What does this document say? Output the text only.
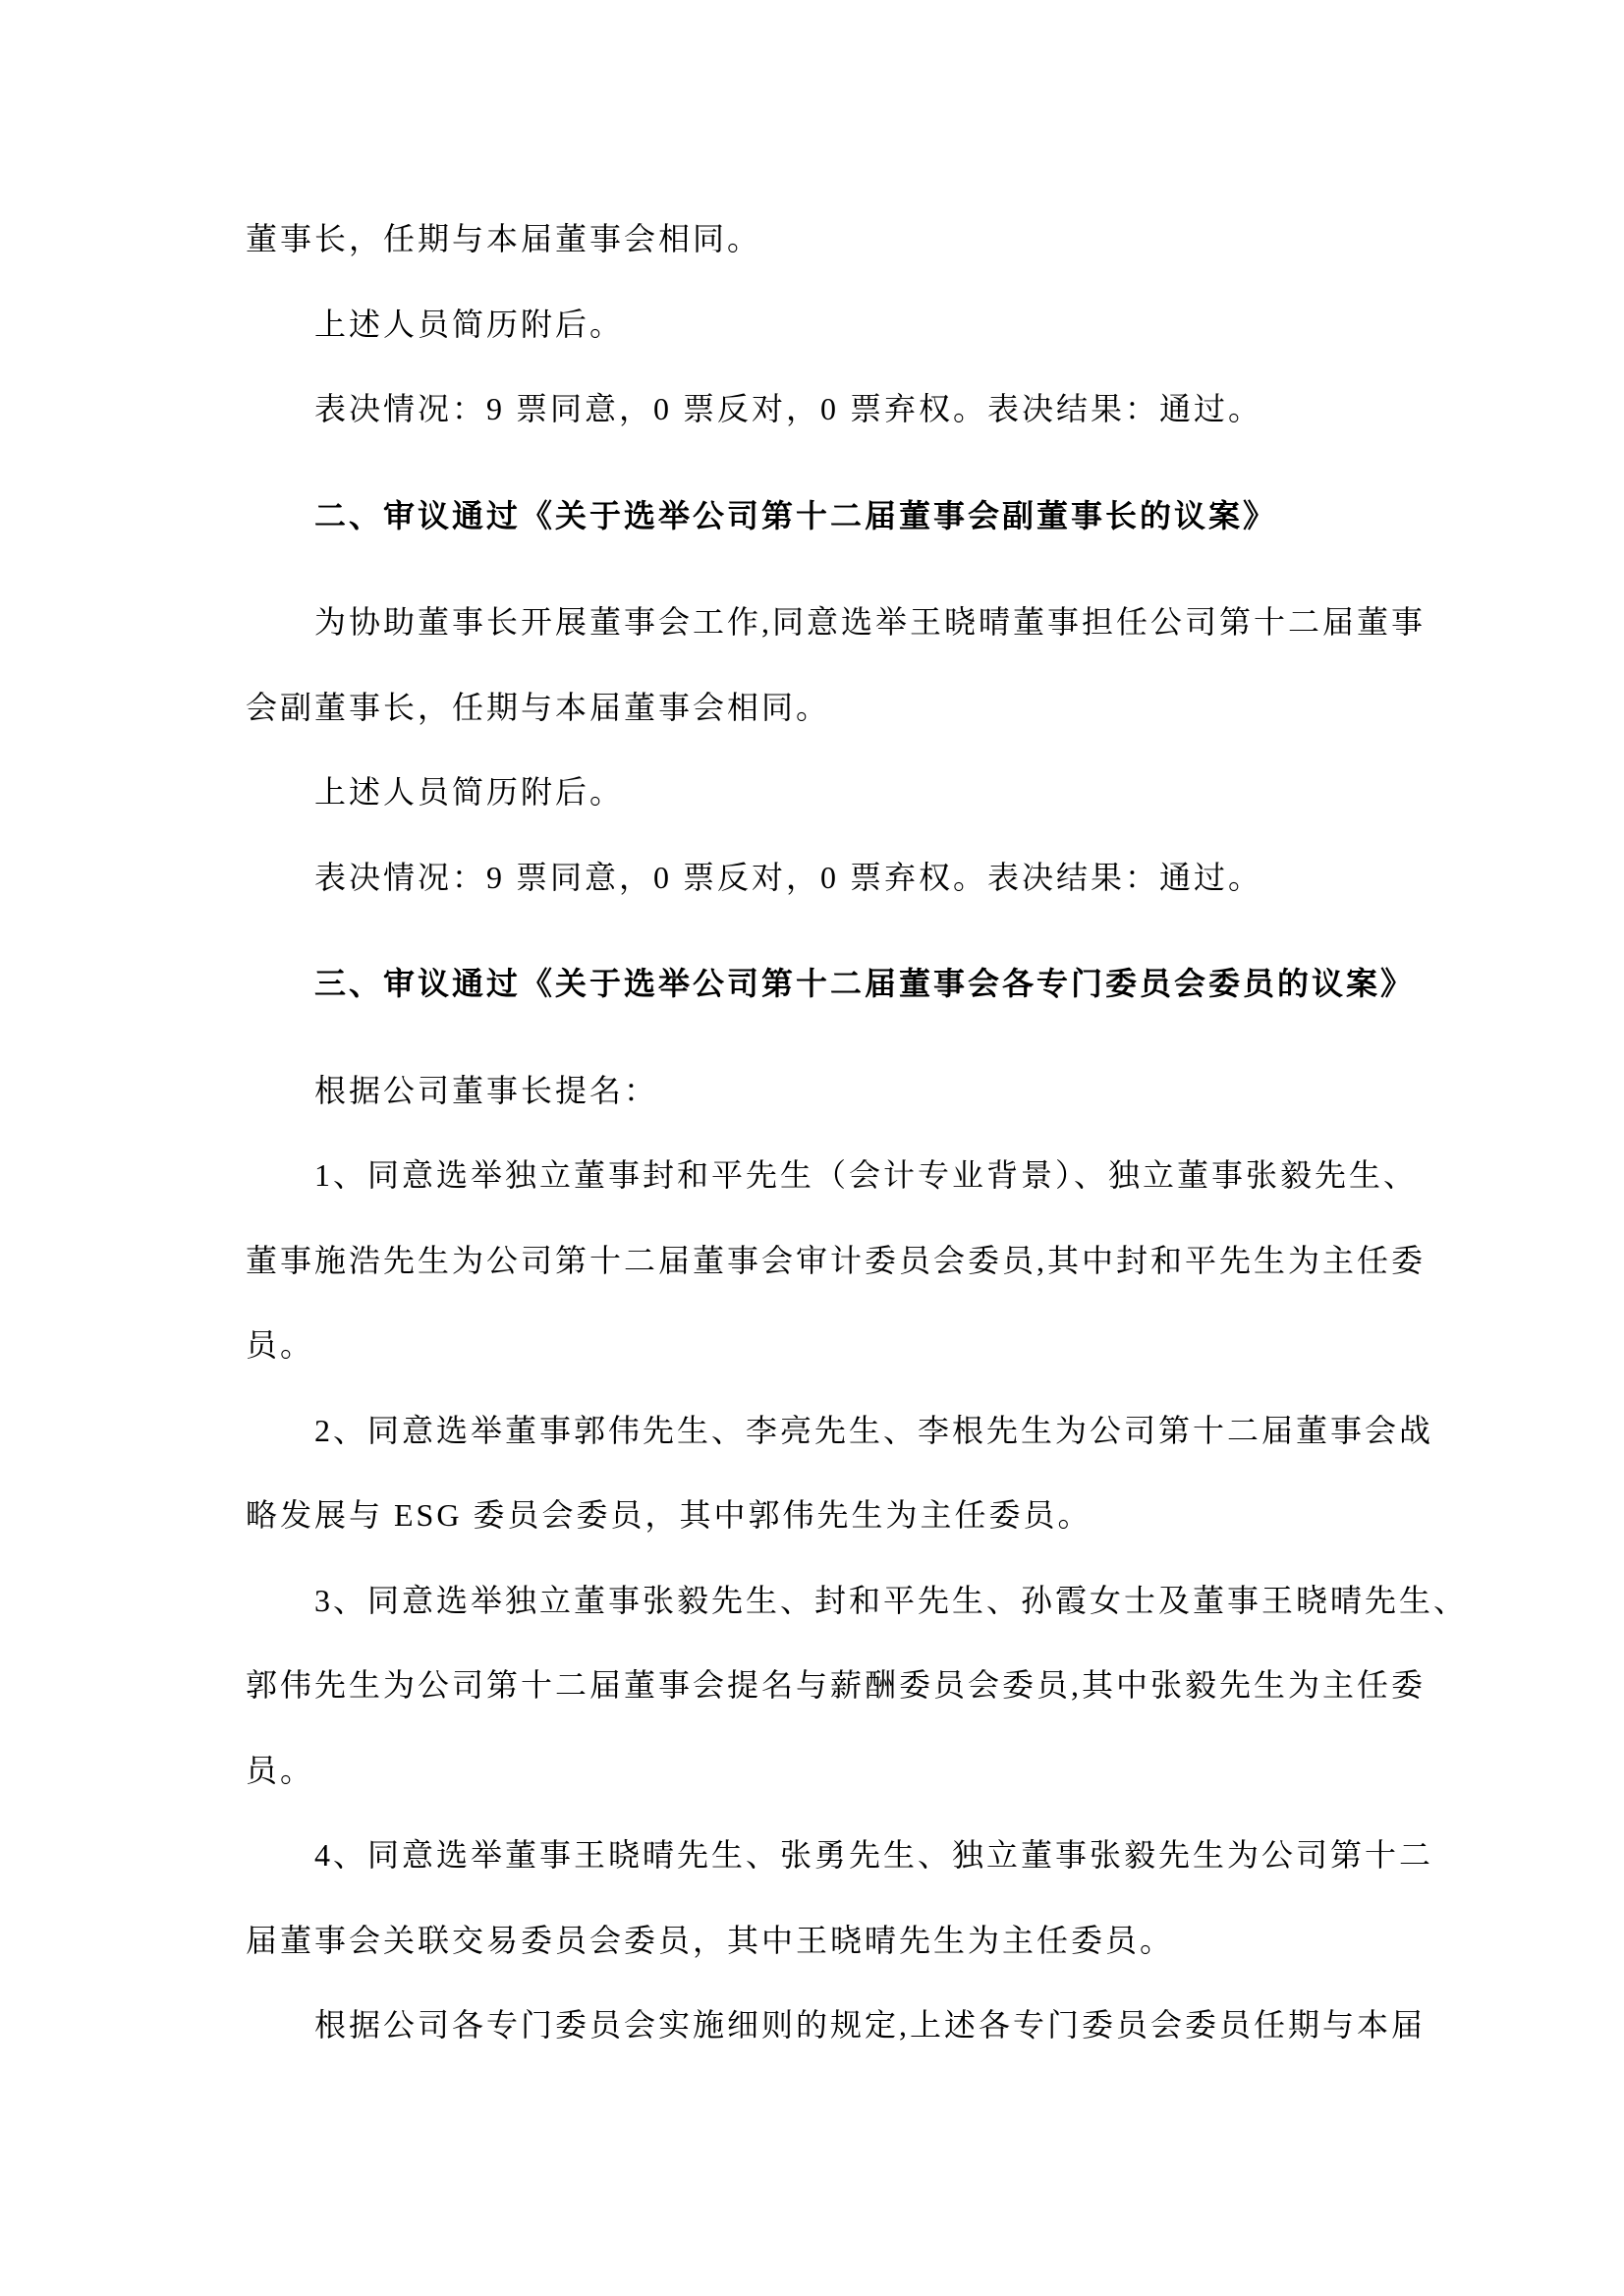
董事长，任期与本届董事会相同。
上述人员简历附后。
表决情况：9 票同意，0 票反对，0 票弃权。表决结果：通过。
二、审议通过《关于选举公司第十二届董事会副董事长的议案》
为协助董事长开展董事会工作,同意选举王晓晴董事担任公司第十二届董事
会副董事长，任期与本届董事会相同。
上述人员简历附后。
表决情况：9 票同意，0 票反对，0 票弃权。表决结果：通过。
三、审议通过《关于选举公司第十二届董事会各专门委员会委员的议案》
根据公司董事长提名：
1、同意选举独立董事封和平先生（会计专业背景）、独立董事张毅先生、
董事施浩先生为公司第十二届董事会审计委员会委员,其中封和平先生为主任委
员。
2、同意选举董事郭伟先生、李亮先生、李根先生为公司第十二届董事会战
略发展与 ESG 委员会委员，其中郭伟先生为主任委员。
3、同意选举独立董事张毅先生、封和平先生、孙霞女士及董事王晓晴先生、
郭伟先生为公司第十二届董事会提名与薪酬委员会委员,其中张毅先生为主任委
员。
4、同意选举董事王晓晴先生、张勇先生、独立董事张毅先生为公司第十二
届董事会关联交易委员会委员，其中王晓晴先生为主任委员。
根据公司各专门委员会实施细则的规定,上述各专门委员会委员任期与本届
